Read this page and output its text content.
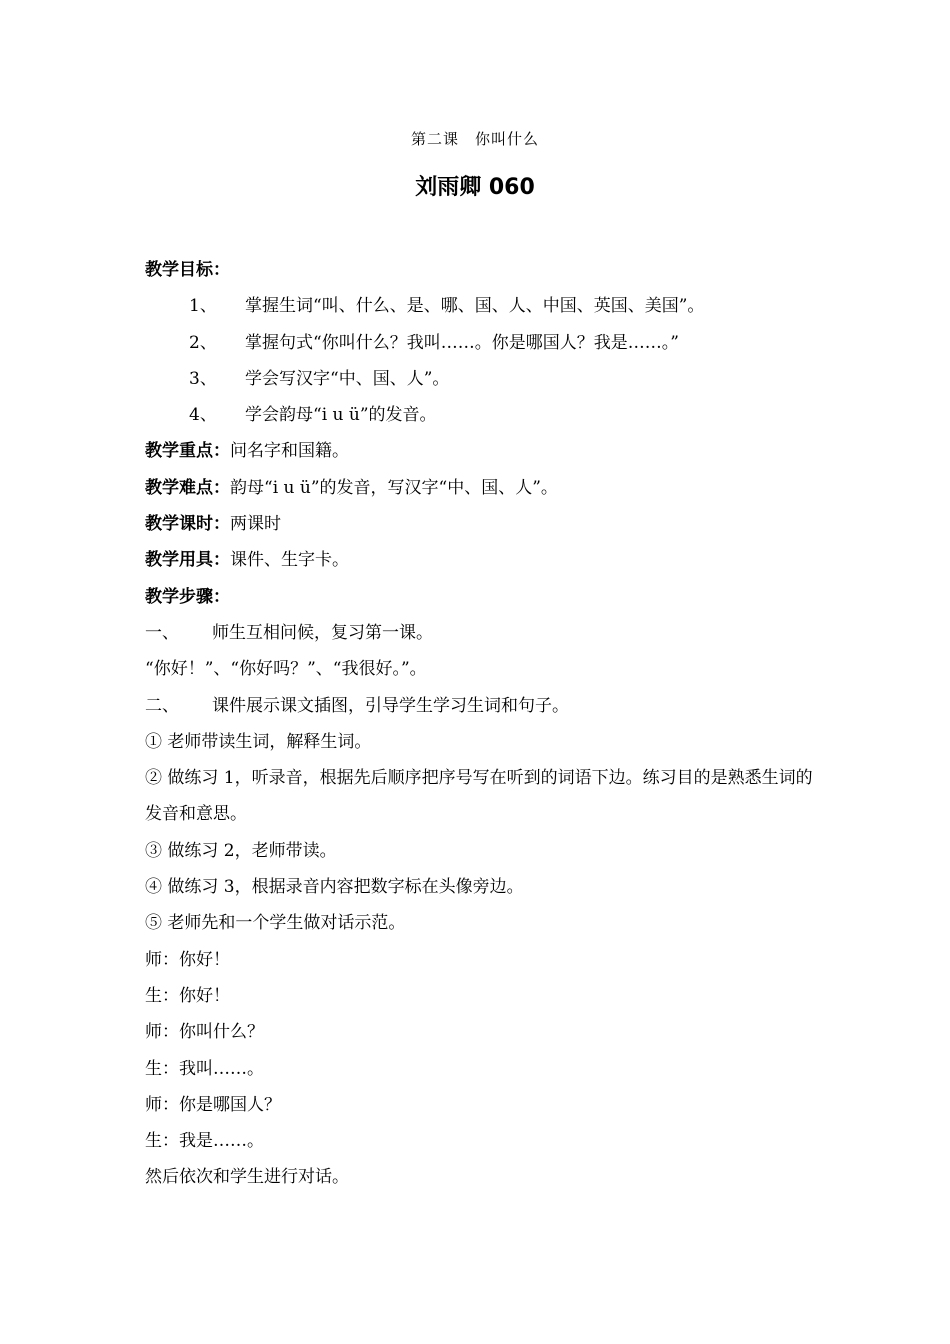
第二课　你叫什么
刘雨卿 060
教学目标：
1、 掌握生词“叫、什么、是、哪、国、人、中国、英国、美国”。
2、 掌握句式“你叫什么？我叫……。你是哪国人？我是……。”
3、 学会写汉字“中、国、人”。
4、 学会韵母“i u ü”的发音。
教学重点：问名字和国籍。
教学难点：韵母“i u ü”的发音，写汉字“中、国、人”。
教学课时：两课时
教学用具：课件、生字卡。
教学步骤：
一、 师生互相问候，复习第一课。
“你好！”、“你好吗？”、“我很好。”。
二、 课件展示课文插图，引导学生学习生词和句子。
① 老师带读生词，解释生词。
② 做练习 1，听录音，根据先后顺序把序号写在听到的词语下边。练习目的是熟悉生词的发音和意思。
③ 做练习 2，老师带读。
④ 做练习 3，根据录音内容把数字标在头像旁边。
⑤ 老师先和一个学生做对话示范。
师：你好！
生：你好！
师：你叫什么？
生：我叫……。
师：你是哪国人？
生：我是……。
然后依次和学生进行对话。
